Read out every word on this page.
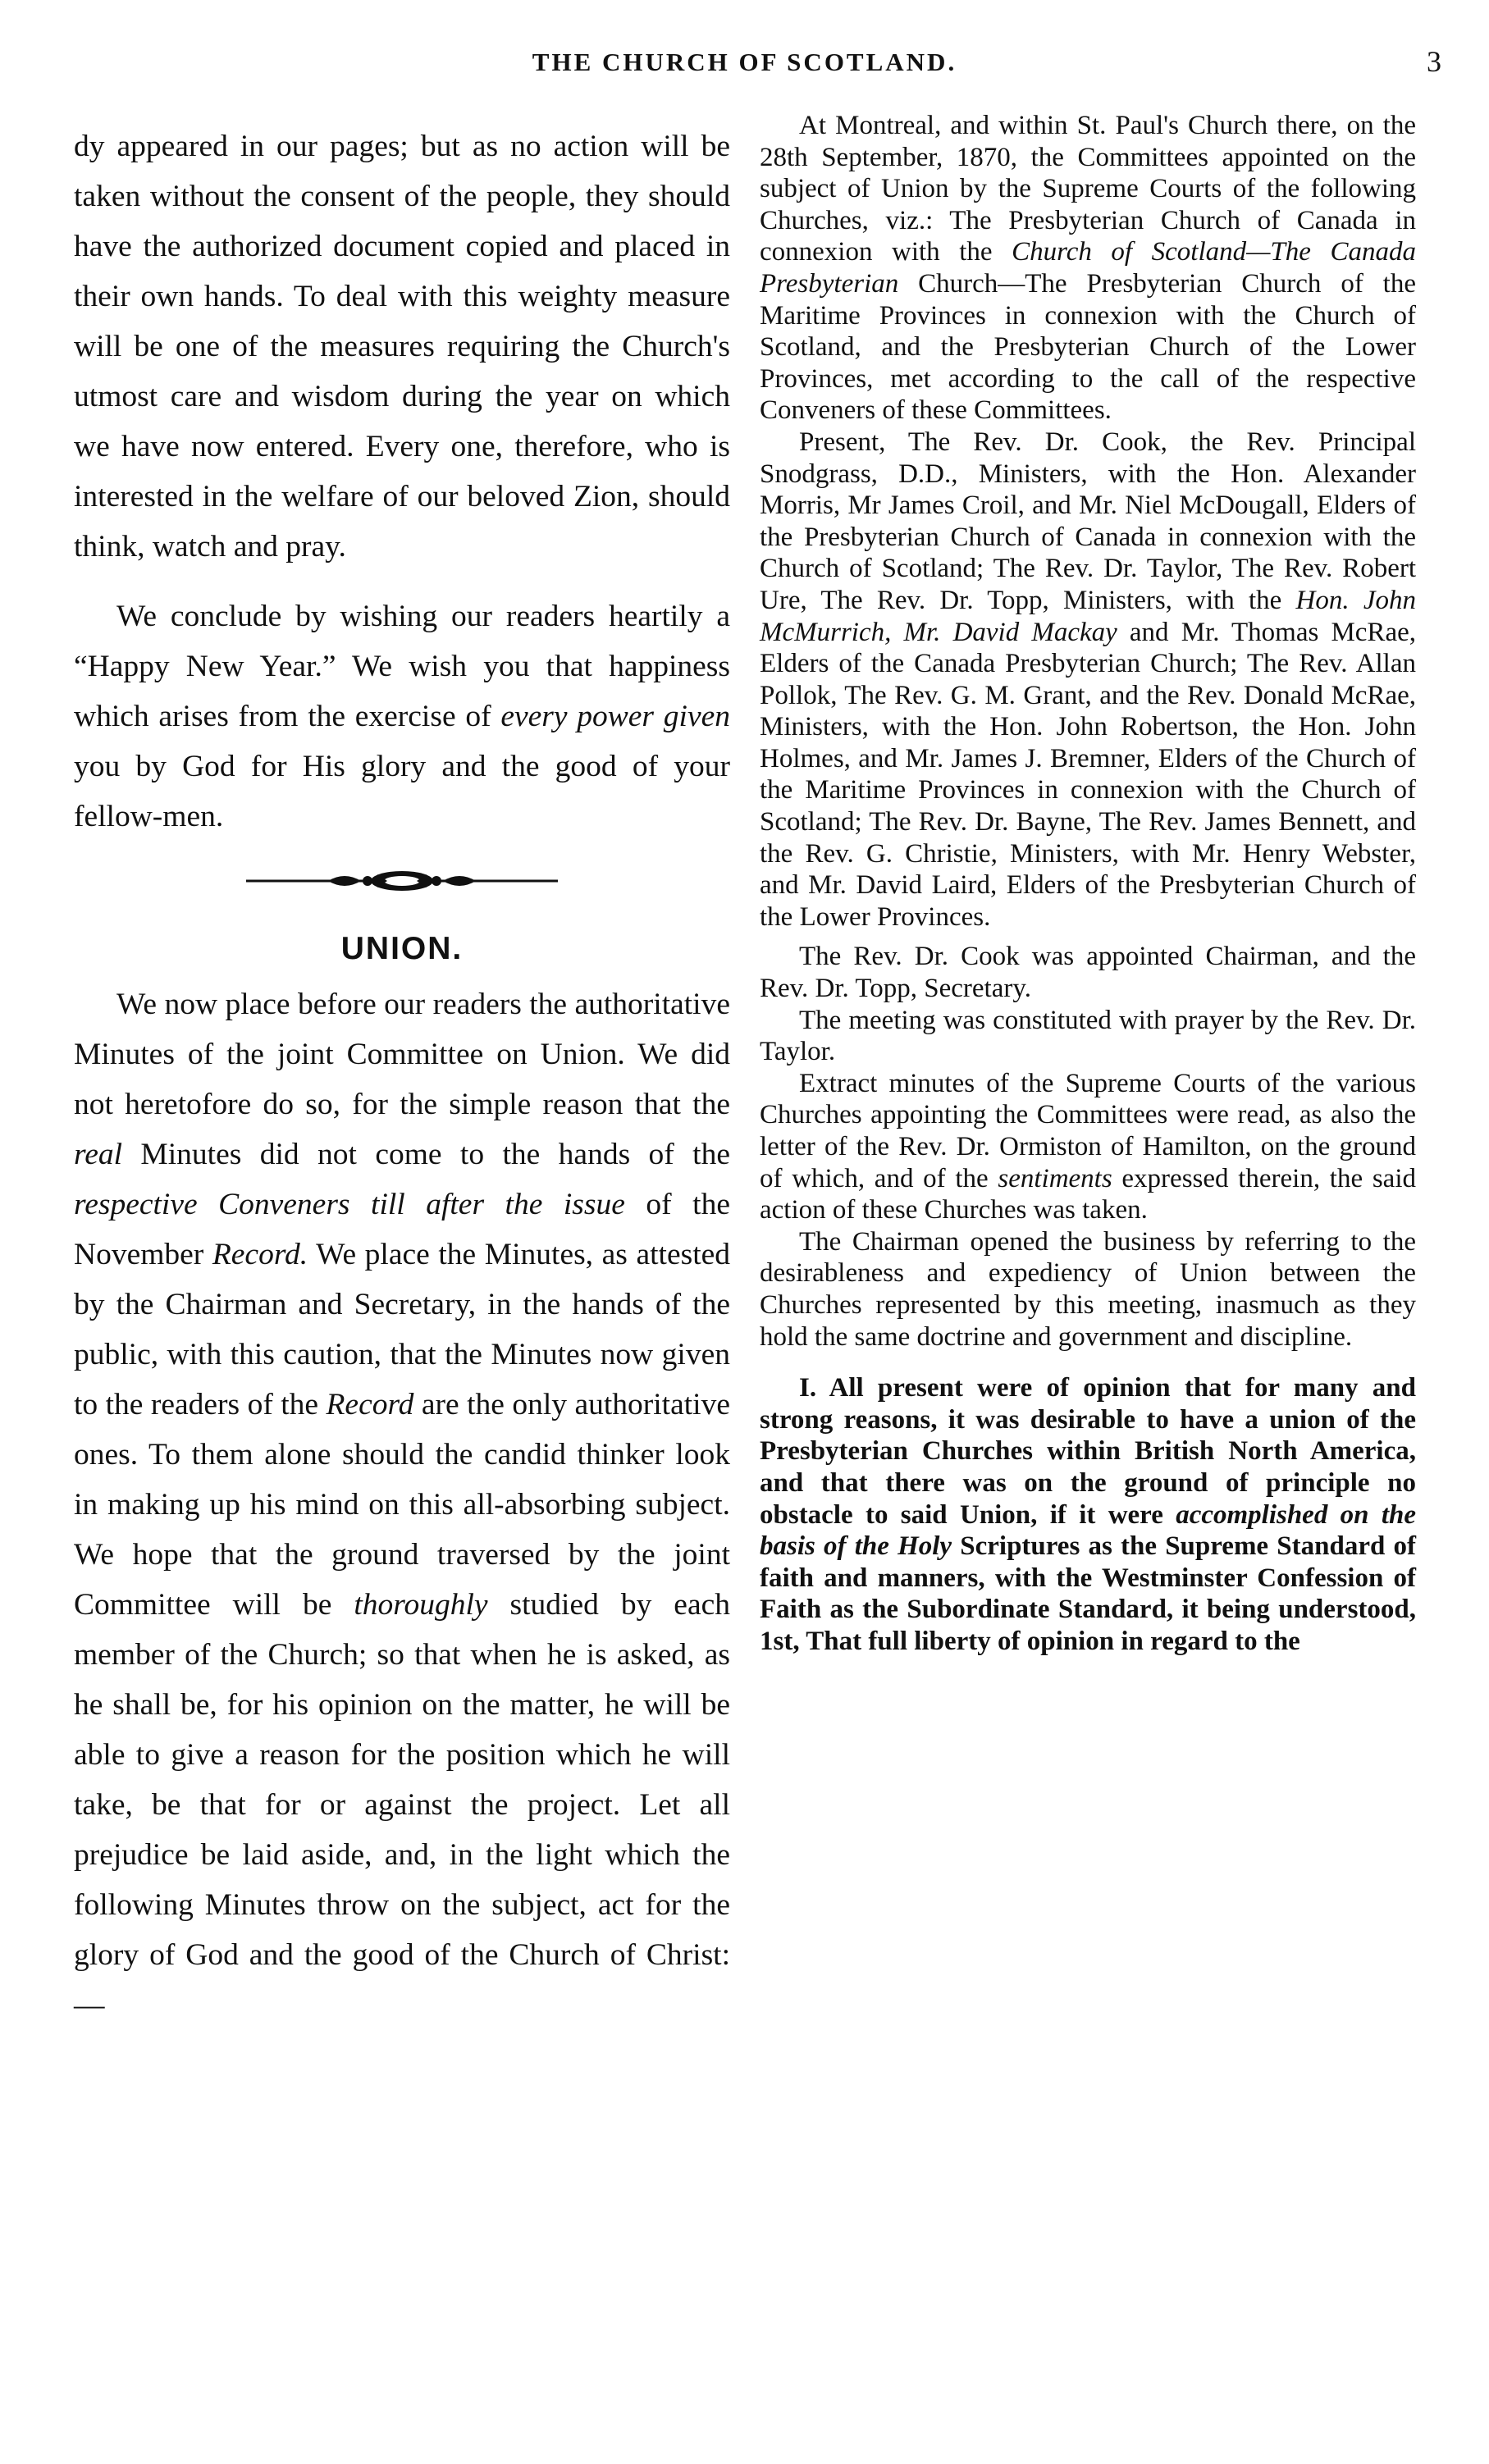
THE CHURCH OF SCOTLAND.	3

dy appeared in our pages; but as no action will be taken without the consent of the people, they should have the authorized document copied and placed in their own hands. To deal with this weighty measure will be one of the measures requiring the Church's utmost care and wisdom during the year on which we have now entered. Every one, therefore, who is interested in the welfare of our beloved Zion, should think, watch and pray.

We conclude by wishing our readers heartily a “Happy New Year.” We wish you that happiness which arises from the exercise of every power given you by God for His glory and the good of your fellow-men.

UNION.

We now place before our readers the authoritative Minutes of the joint Committee on Union. We did not heretofore do so, for the simple reason that the real Minutes did not come to the hands of the respective Conveners till after the issue of the November Record. We place the Minutes, as attested by the Chairman and Secretary, in the hands of the public, with this caution, that the Minutes now given to the readers of the Record are the only authoritative ones. To them alone should the candid thinker look in making up his mind on this all-absorbing subject. We hope that the ground traversed by the joint Committee will be thoroughly studied by each member of the Church; so that when he is asked, as he shall be, for his opinion on the matter, he will be able to give a reason for the position which he will take, be that for or against the project. Let all prejudice be laid aside, and, in the light which the following Minutes throw on the subject, act for the glory of God and the good of the Church of Christ:—

At Montreal, and within St. Paul's Church there, on the 28th September, 1870, the Committees appointed on the subject of Union by the Supreme Courts of the following Churches, viz.: The Presbyterian Church of Canada in connexion with the Church of Scotland—The Canada Presbyterian Church—The Presbyterian Church of the Maritime Provinces in connexion with the Church of Scotland, and the Presbyterian Church of the Lower Provinces, met according to the call of the respective Conveners of these Committees.

Present, The Rev. Dr. Cook, the Rev. Principal Snodgrass, D.D., Ministers, with the Hon. Alexander Morris, Mr James Croil, and Mr. Niel McDougall, Elders of the Presbyterian Church of Canada in connexion with the Church of Scotland; The Rev. Dr. Taylor, The Rev. Robert Ure, The Rev. Dr. Topp, Ministers, with the Hon. John McMurrich, Mr. David Mackay and Mr. Thomas McRae, Elders of the Canada Presbyterian Church; The Rev. Allan Pollok, The Rev. G. M. Grant, and the Rev. Donald McRae, Ministers, with the Hon. John Robertson, the Hon. John Holmes, and Mr. James J. Bremner, Elders of the Church of the Maritime Provinces in connexion with the Church of Scotland; The Rev. Dr. Bayne, The Rev. James Bennett, and the Rev. G. Christie, Ministers, with Mr. Henry Webster, and Mr. David Laird, Elders of the Presbyterian Church of the Lower Provinces.

The Rev. Dr. Cook was appointed Chairman, and the Rev. Dr. Topp, Secretary.

The meeting was constituted with prayer by the Rev. Dr. Taylor.

Extract minutes of the Supreme Courts of the various Churches appointing the Committees were read, as also the letter of the Rev. Dr. Ormiston of Hamilton, on the ground of which, and of the sentiments expressed therein, the said action of these Churches was taken.

The Chairman opened the business by referring to the desirableness and expediency of Union between the Churches represented by this meeting, inasmuch as they hold the same doctrine and government and discipline.

I. All present were of opinion that for many and strong reasons, it was desirable to have a union of the Presbyterian Churches within British North America, and that there was on the ground of principle no obstacle to said Union, if it were accomplished on the basis of the Holy Scriptures as the Supreme Standard of faith and manners, with the Westminster Confession of Faith as the Subordinate Standard, it being understood, 1st, That full liberty of opinion in regard to the
